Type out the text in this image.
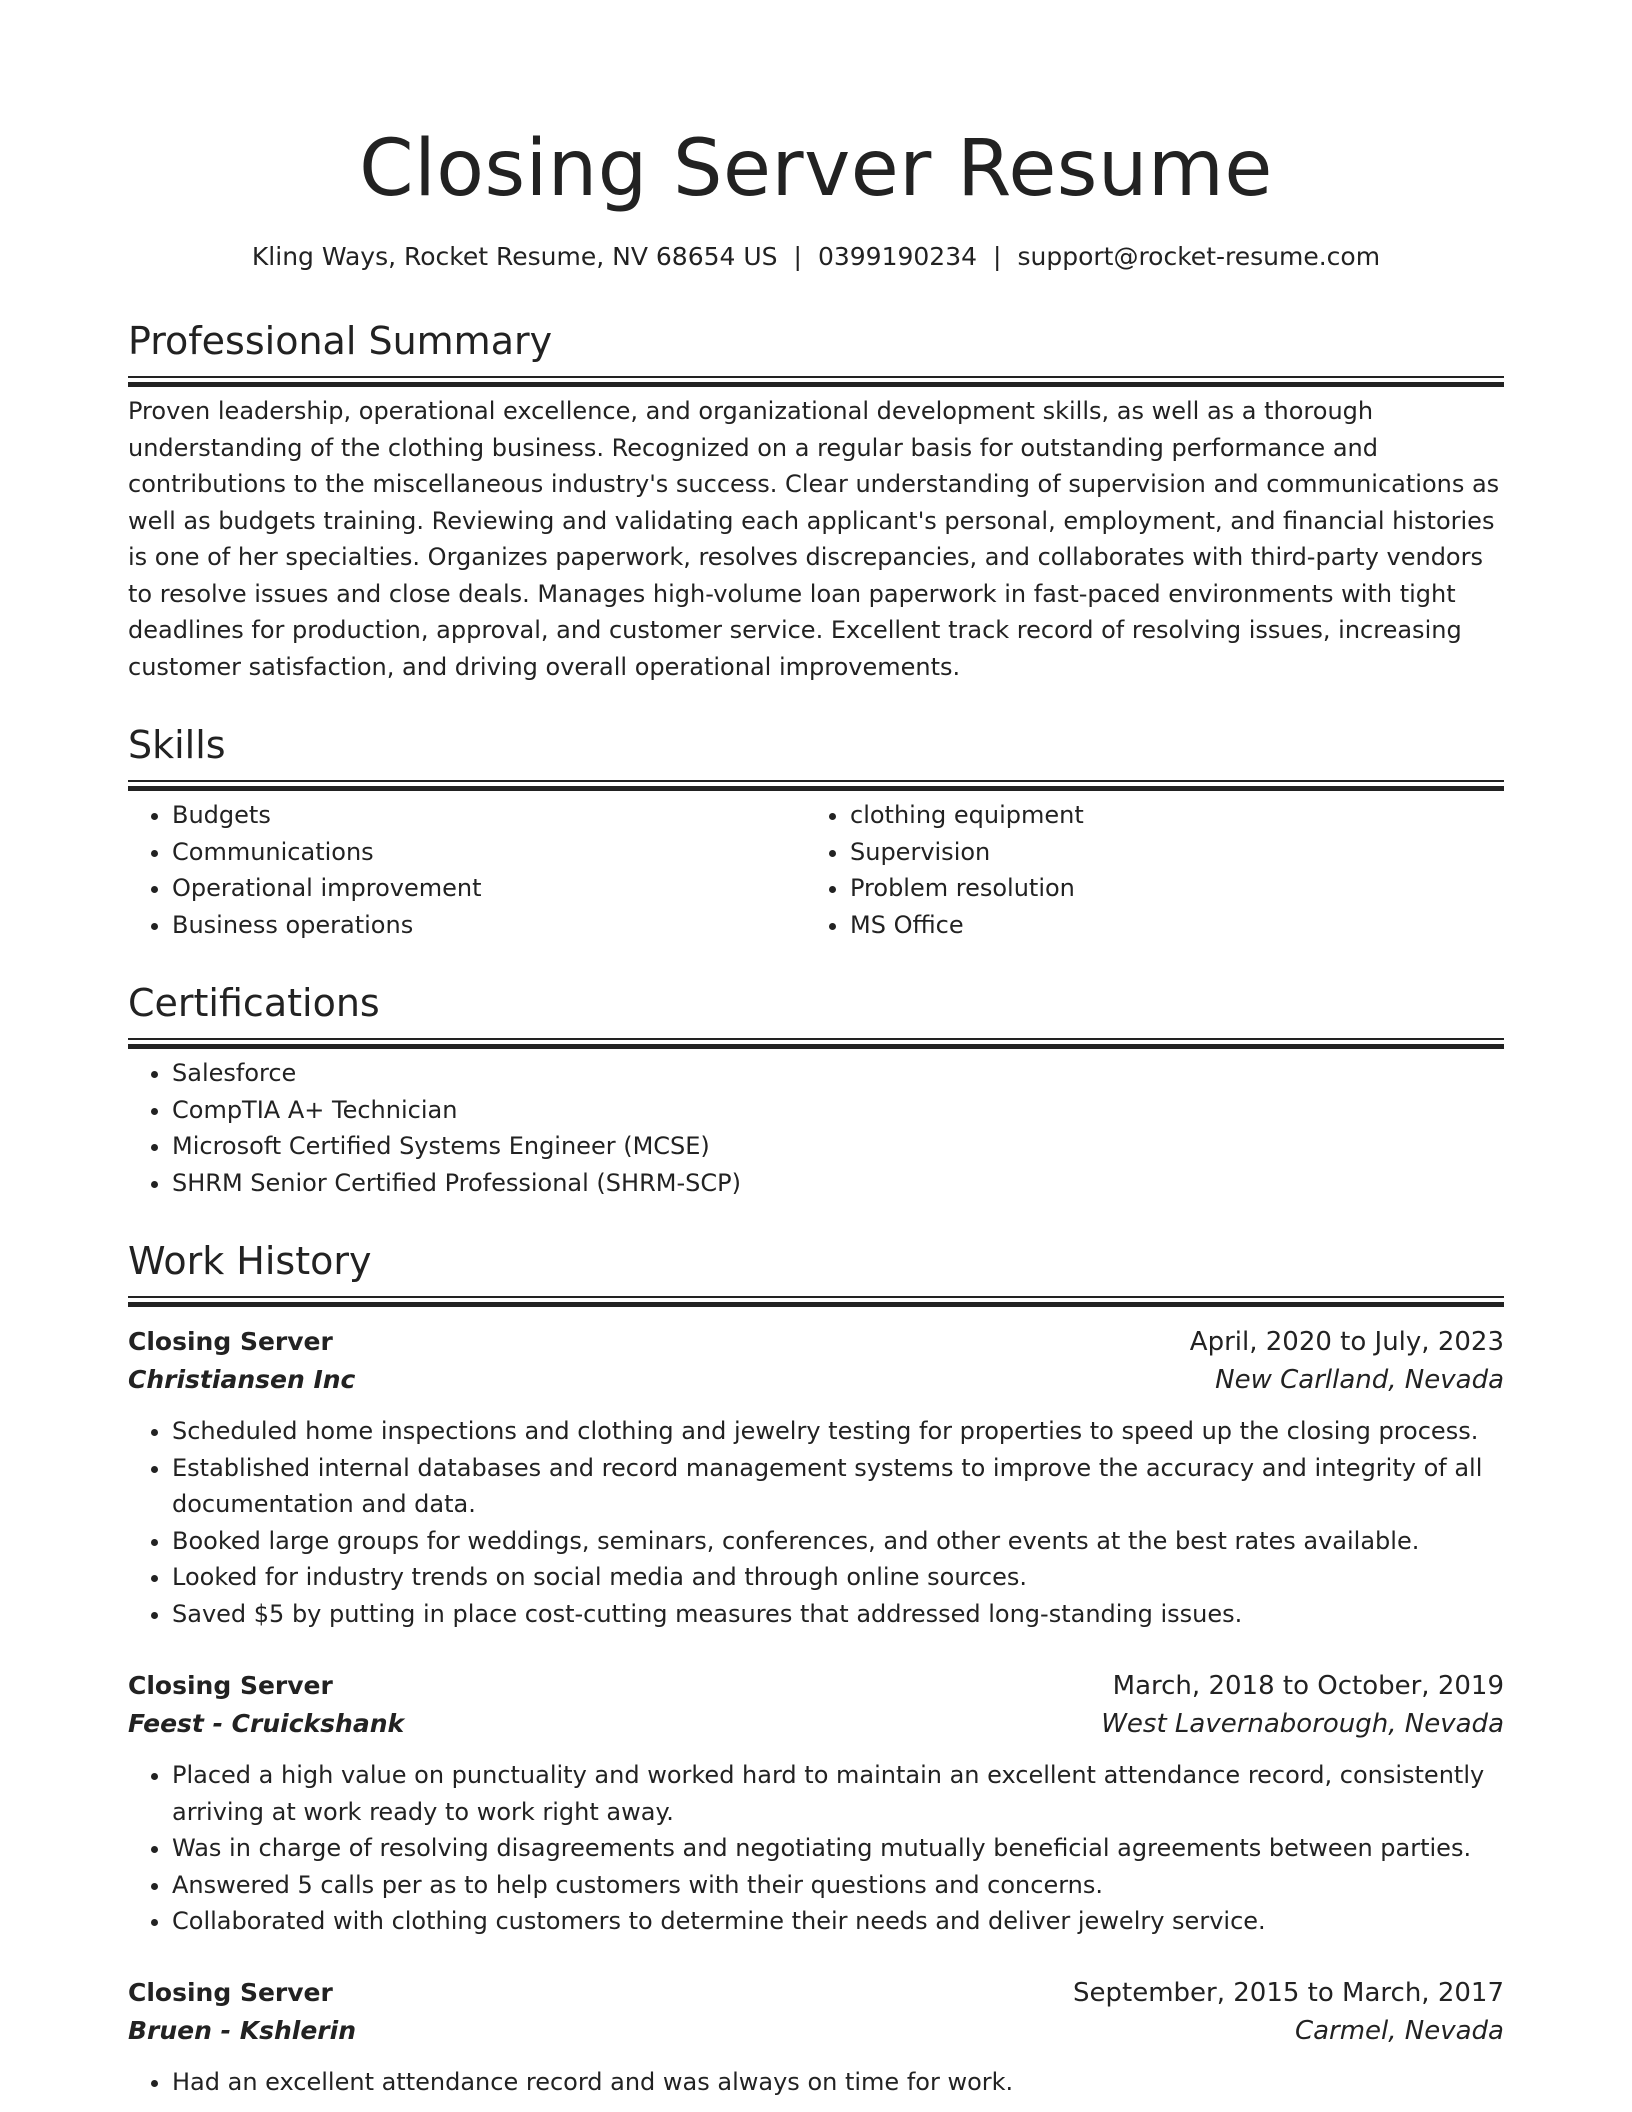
Closing Server Resume
Kling Ways, Rocket Resume, NV 68654 US | 0399190234 | support@rocket-resume.com
Professional Summary

Proven leadership, operational excellence, and organizational development skills, as well as a thorough understanding of the clothing business. Recognized on a regular basis for outstanding performance and contributions to the miscellaneous industry's success. Clear understanding of supervision and communications as well as budgets training. Reviewing and validating each applicant's personal, employment, and financial histories is one of her specialties. Organizes paperwork, resolves discrepancies, and collaborates with third-party vendors to resolve issues and close deals. Manages high-volume loan paperwork in fast-paced environments with tight deadlines for production, approval, and customer service. Excellent track record of resolving issues, increasing customer satisfaction, and driving overall operational improvements.

Skills
• Budgets
• Communications
• Operational improvement
• Business operations
• clothing equipment
• Supervision
• Problem resolution
• MS Office
Certifications
• Salesforce
• CompTIA A+ Technician
• Microsoft Certified Systems Engineer (MCSE)
• SHRM Senior Certified Professional (SHRM-SCP)
Work History
Closing Server	April, 2020 to July, 2023
Christiansen Inc	New Carlland, Nevada
• Scheduled home inspections and clothing and jewelry testing for properties to speed up the closing process.
• Established internal databases and record management systems to improve the accuracy and integrity of all documentation and data.
• Booked large groups for weddings, seminars, conferences, and other events at the best rates available.
• Looked for industry trends on social media and through online sources.
• Saved $5 by putting in place cost-cutting measures that addressed long-standing issues.
Closing Server	March, 2018 to October, 2019
Feest - Cruickshank	West Lavernaborough, Nevada
• Placed a high value on punctuality and worked hard to maintain an excellent attendance record, consistently arriving at work ready to work right away.
• Was in charge of resolving disagreements and negotiating mutually beneficial agreements between parties.
• Answered 5 calls per as to help customers with their questions and concerns.
• Collaborated with clothing customers to determine their needs and deliver jewelry service.
Closing Server	September, 2015 to March, 2017
Bruen - Kshlerin	Carmel, Nevada
• Had an excellent attendance record and was always on time for work.
